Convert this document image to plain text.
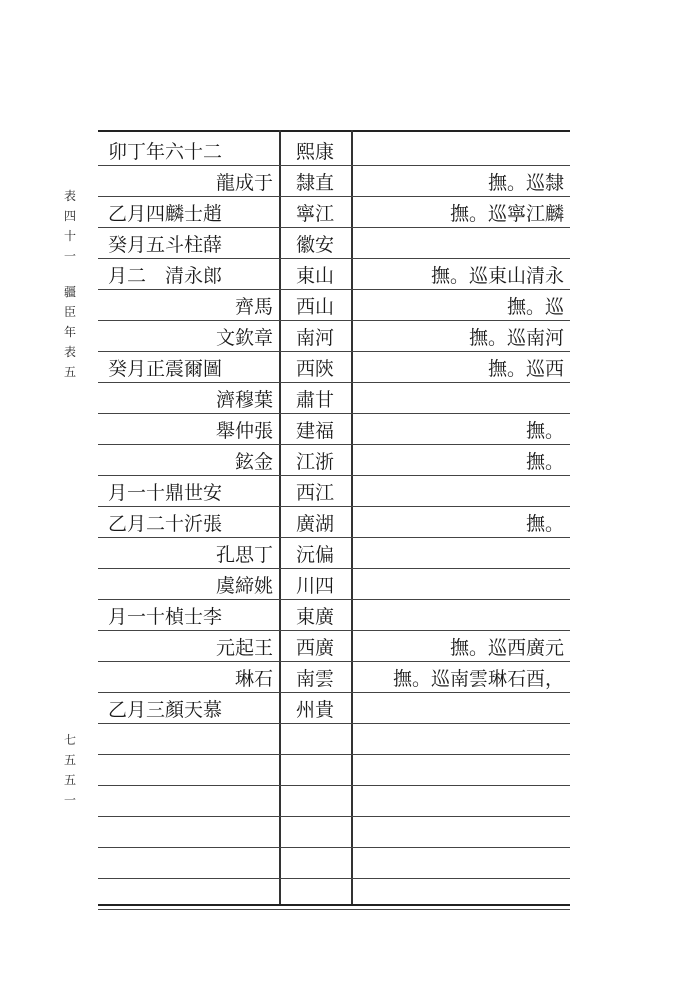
表
四
十
一
疆
臣
年
表
五
七
五
五
一
卯丁年六十二	熙康
龍成于	隸直	撫。巡隸
乙月四麟士趙	寧江	撫。巡寧江麟
癸月五斗柱薛	徽安
月二　清永郎	東山	撫。巡東山清永
齊馬	西山	撫。巡
文欽章	南河	撫。巡南河
癸月正震爾圖	西陝	撫。巡西
濟穆葉	肅甘
舉仲張	建福	撫。
鉉金	江浙	撫。
月一十鼎世安	西江
乙月二十沂張	廣湖	撫。
孔思丁	沅偏
虞締姚	川四
月一十楨士李	東廣
元起王	西廣	撫。巡西廣元
琳石	南雲	撫。巡南雲琳石酉，
乙月三顏天慕	州貴
